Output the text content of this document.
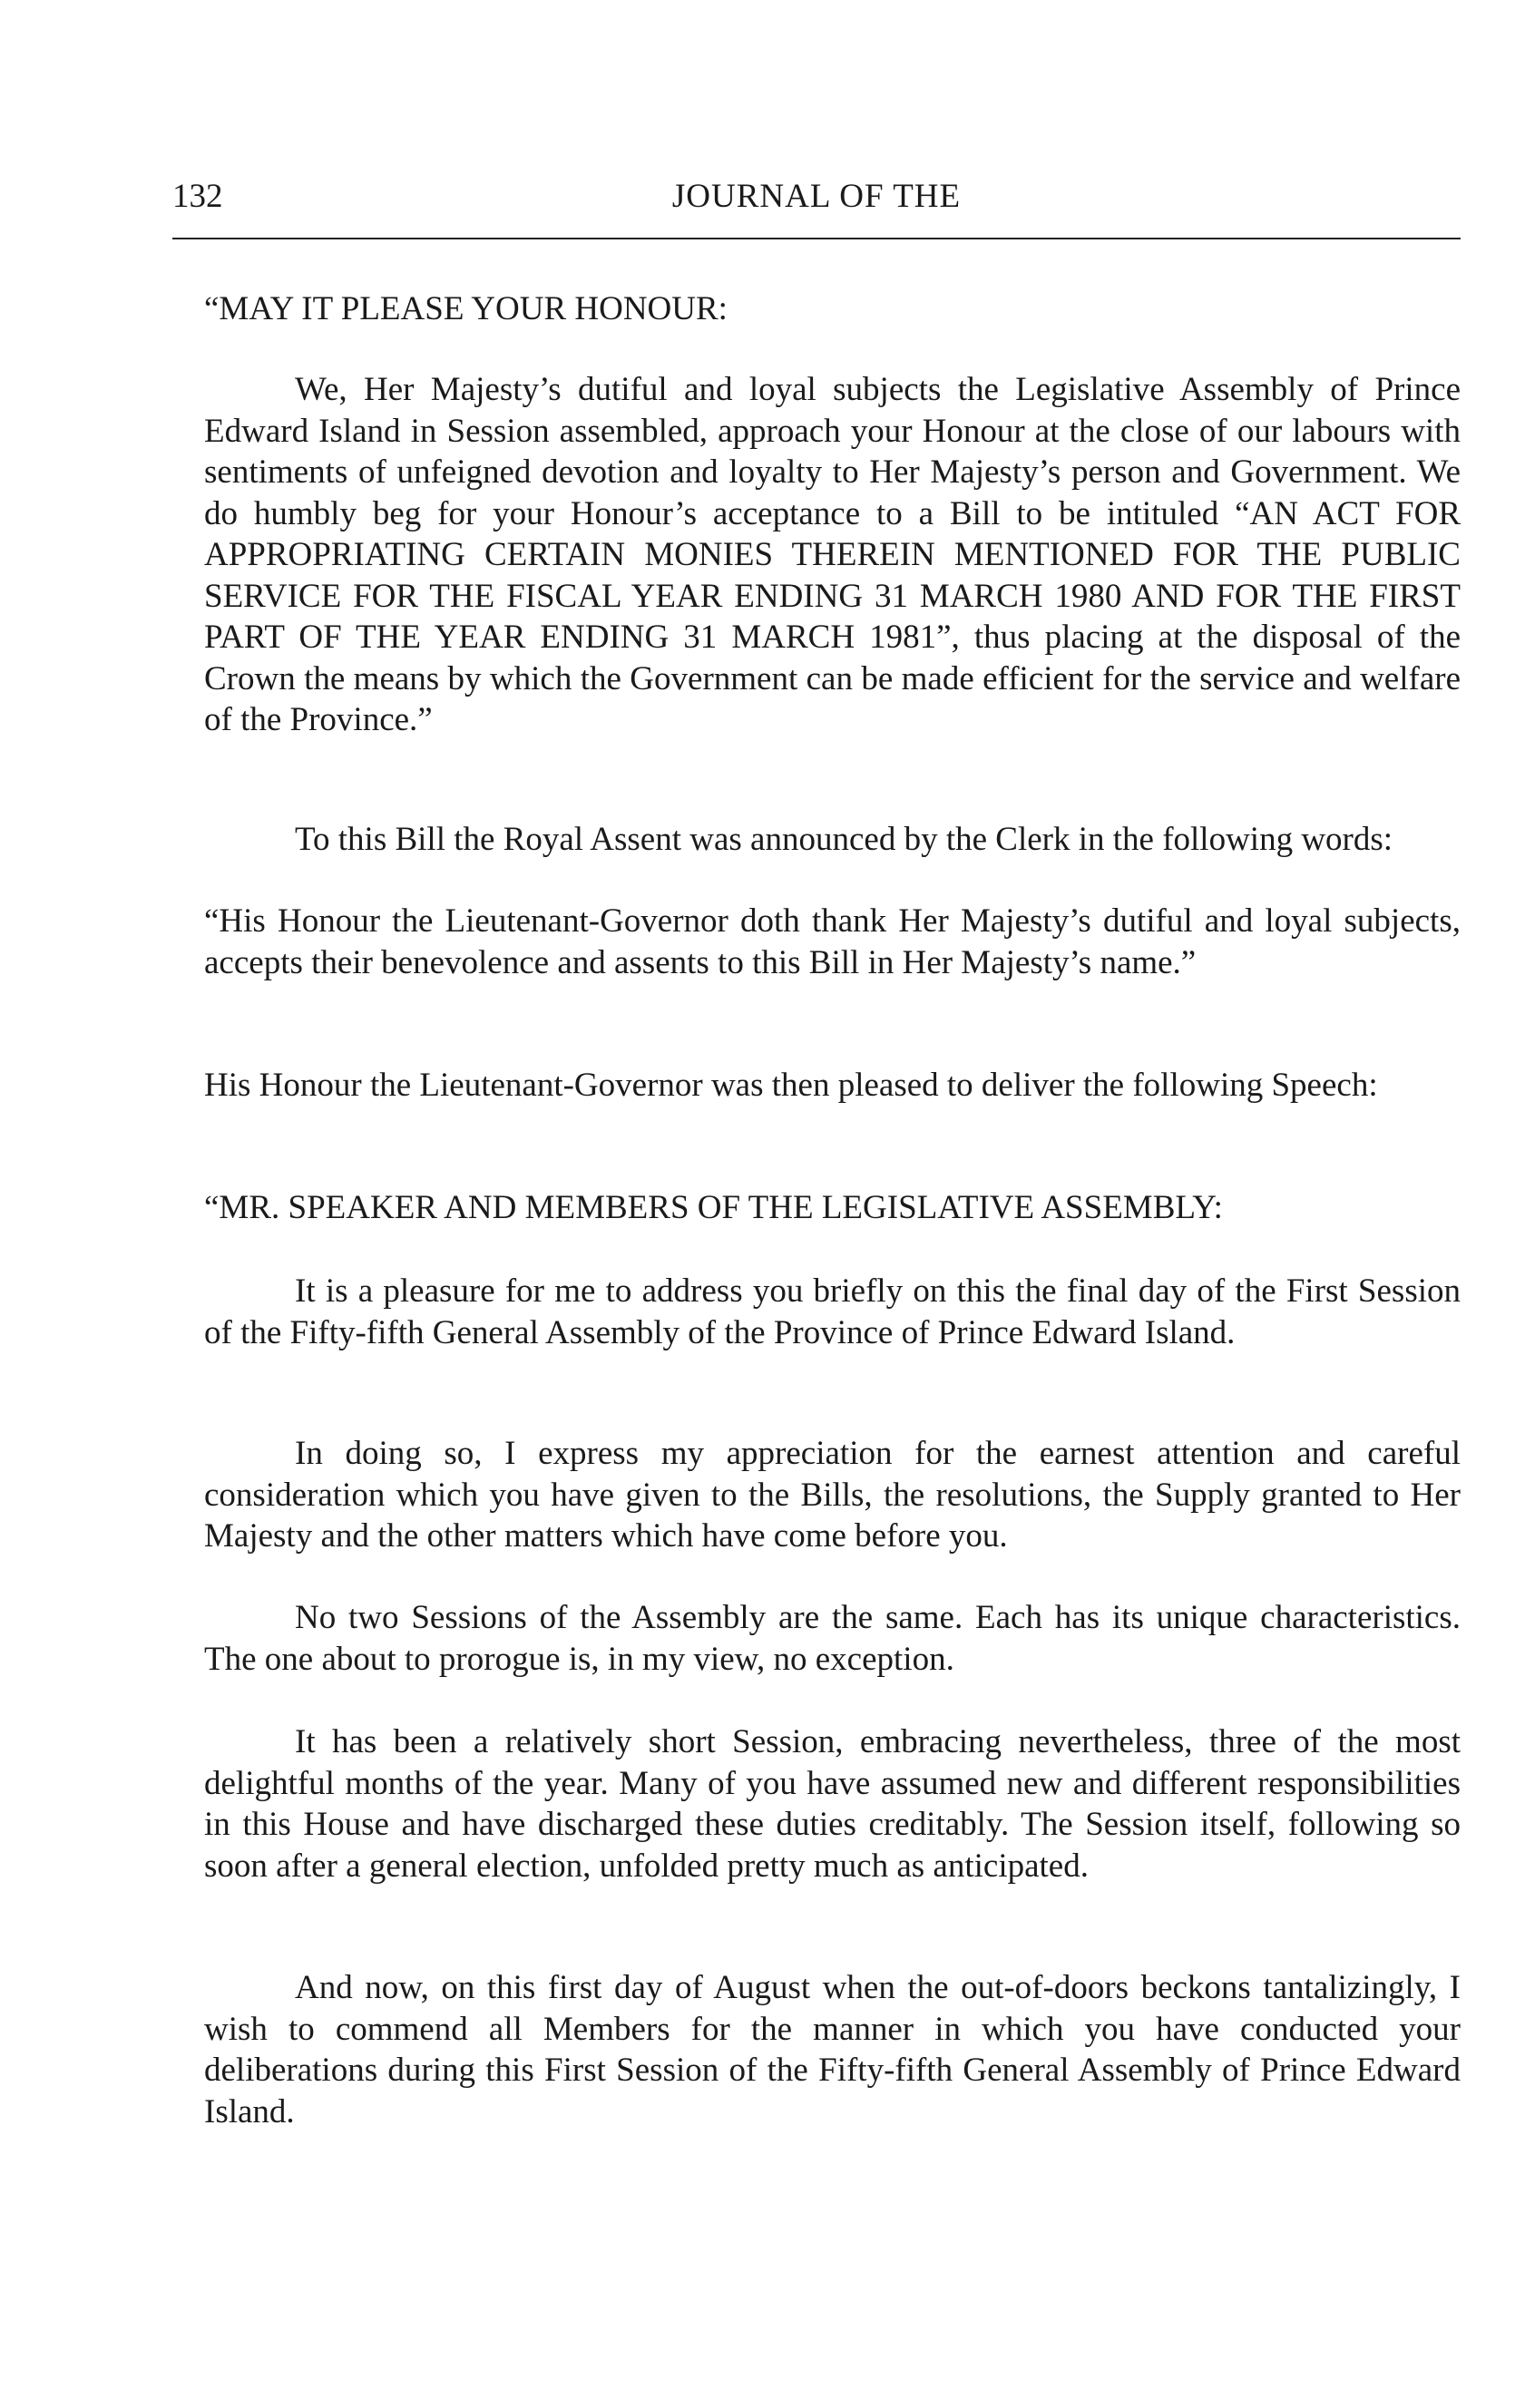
132	JOURNAL OF THE

“MAY IT PLEASE YOUR HONOUR:

We, Her Majesty’s dutiful and loyal subjects the Legislative Assembly of Prince Edward Island in Session assembled, approach your Honour at the close of our labours with sentiments of unfeigned devotion and loyalty to Her Majesty’s person and Government. We do humbly beg for your Honour’s acceptance to a Bill to be intituled “AN ACT FOR APPROPRIATING CERTAIN MONIES THEREIN MENTIONED FOR THE PUBLIC SERVICE FOR THE FISCAL YEAR ENDING 31 MARCH 1980 AND FOR THE FIRST PART OF THE YEAR ENDING 31 MARCH 1981”, thus placing at the disposal of the Crown the means by which the Government can be made efficient for the service and welfare of the Province.”

To this Bill the Royal Assent was announced by the Clerk in the following words:

“His Honour the Lieutenant-Governor doth thank Her Majesty’s dutiful and loyal subjects, accepts their benevolence and assents to this Bill in Her Majesty’s name.”

His Honour the Lieutenant-Governor was then pleased to deliver the following Speech:

“MR. SPEAKER AND MEMBERS OF THE LEGISLATIVE ASSEMBLY:

It is a pleasure for me to address you briefly on this the final day of the First Session of the Fifty-fifth General Assembly of the Province of Prince Edward Island.

In doing so, I express my appreciation for the earnest attention and careful consideration which you have given to the Bills, the resolutions, the Supply granted to Her Majesty and the other matters which have come before you.

No two Sessions of the Assembly are the same. Each has its unique characteristics. The one about to prorogue is, in my view, no exception.

It has been a relatively short Session, embracing nevertheless, three of the most delightful months of the year. Many of you have assumed new and different responsibilities in this House and have discharged these duties creditably. The Session itself, following so soon after a general election, unfolded pretty much as anticipated.

And now, on this first day of August when the out-of-doors beckons tantalizingly, I wish to commend all Members for the manner in which you have conducted your deliberations during this First Session of the Fifty-fifth General Assembly of Prince Edward Island.
